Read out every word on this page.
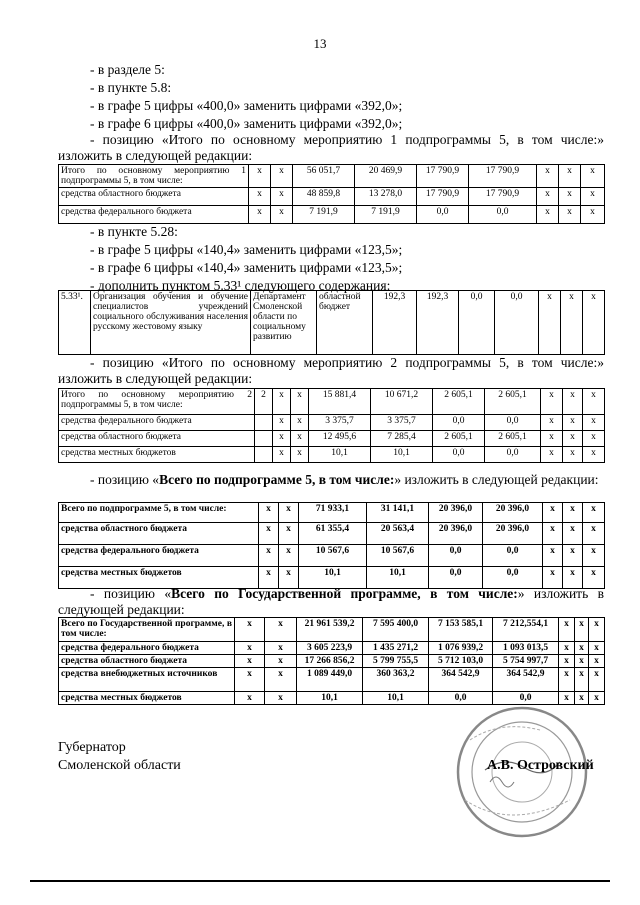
13
- в разделе 5:
- в пункте 5.8:
- в графе 5 цифры «400,0» заменить цифрами «392,0»;
- в графе 6 цифры «400,0» заменить цифрами «392,0»;
- позицию «Итого по основному мероприятию 1 подпрограммы 5, в том числе:» изложить в следующей редакции:
Итого по основному мероприятию 1 подпрограммы 5, в том числе:	х	х	56 051,7	20 469,9	17 790,9	17 790,9	х	х	х
средства областного бюджета	х	х	48 859,8	13 278,0	17 790,9	17 790,9	х	х	х
средства федерального бюджета	х	х	7 191,9	7 191,9	0,0	0,0	х	х	х
- в пункте 5.28:
- в графе 5 цифры «140,4» заменить цифрами «123,5»;
- в графе 6 цифры «140,4» заменить цифрами «123,5»;
- дополнить пунктом 5.33¹ следующего содержания:
5.33¹.	Организация обучения и обучение специалистов учреждений социального обслуживания населения русскому жестовому языку	Департамент Смоленской области по социальному развитию	областной бюджет	192,3	192,3	0,0	0,0	х	х	х
- позицию «Итого по основному мероприятию 2 подпрограммы 5, в том числе:» изложить в следующей редакции:
Итого по основному мероприятию 2 подпрограммы 5, в том числе:	2	х	х	15 881,4	10 671,2	2 605,1	2 605,1	х	х	х
средства федерального бюджета		х	х	3 375,7	3 375,7	0,0	0,0	х	х	х
средства областного бюджета		х	х	12 495,6	7 285,4	2 605,1	2 605,1	х	х	х
средства местных бюджетов		х	х	10,1	10,1	0,0	0,0	х	х	х
- позицию «Всего по подпрограмме 5, в том числе:» изложить в следующей редакции:
Всего по подпрограмме 5, в том числе:	х	х	71 933,1	31 141,1	20 396,0	20 396,0	х	х	х
средства областного бюджета	х	х	61 355,4	20 563,4	20 396,0	20 396,0	х	х	х
средства федерального бюджета	х	х	10 567,6	10 567,6	0,0	0,0	х	х	х
средства местных бюджетов	х	х	10,1	10,1	0,0	0,0	х	х	х
- позицию «Всего по Государственной программе, в том числе:» изложить в следующей редакции:
Всего по Государственной программе, в том числе:	х	х	21 961 539,2	7 595 400,0	7 153 585,1	7 212,554,1	х	х	х
средства федерального бюджета	х	х	3 605 223,9	1 435 271,2	1 076 939,2	1 093 013,5	х	х	х
средства областного бюджета	х	х	17 266 856,2	5 799 755,5	5 712 103,0	5 754 997,7	х	х	х
средства внебюджетных источников	х	х	1 089 449,0	360 363,2	364 542,9	364 542,9	х	х	х
средства местных бюджетов	х	х	10,1	10,1	0,0	0,0	х	х	х
Губернатор
Смоленской области	А.В. Островский
